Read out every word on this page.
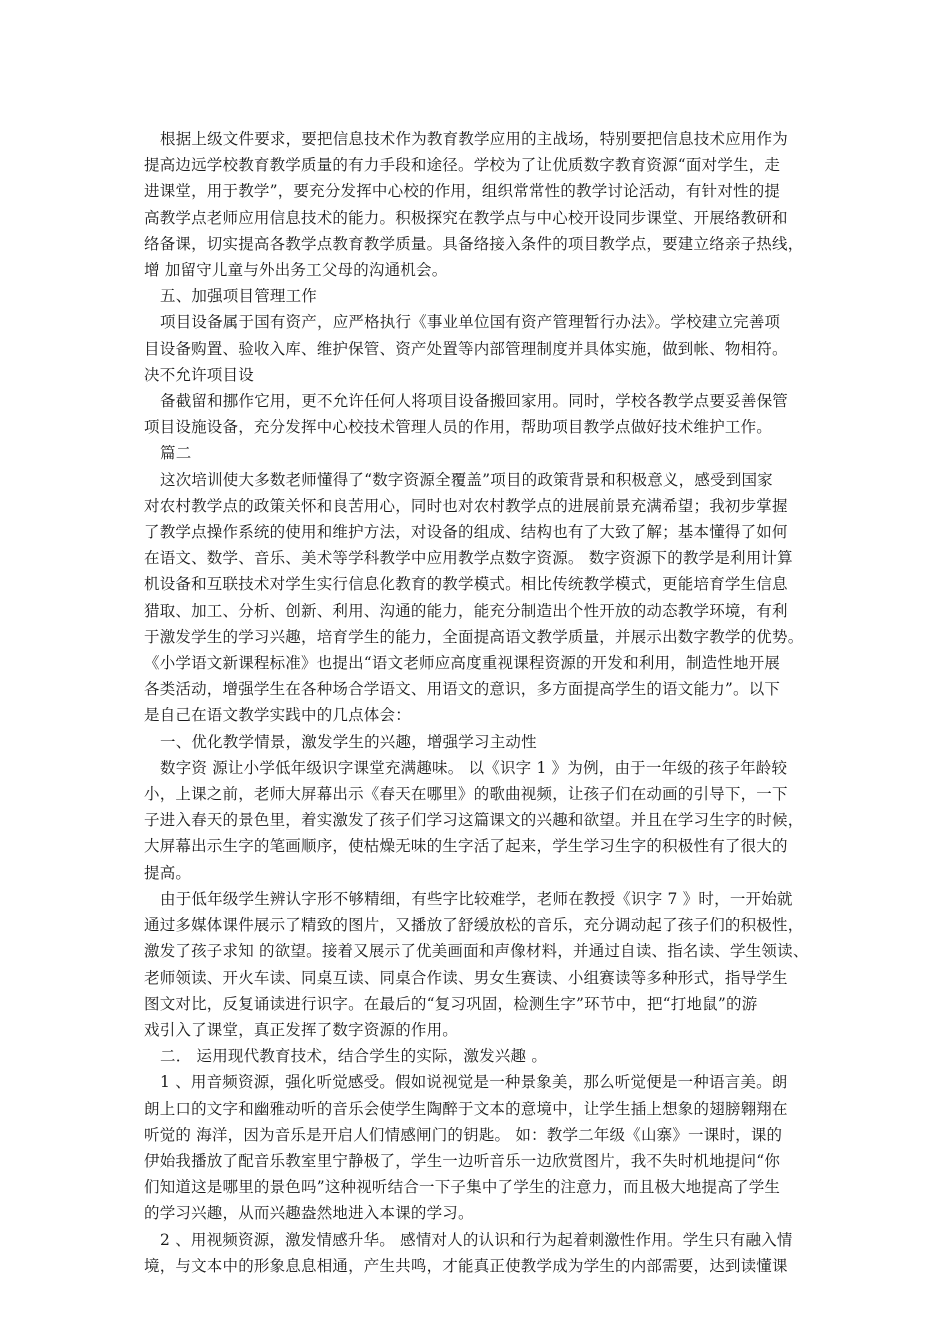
根据上级文件要求，要把信息技术作为教育教学应用的主战场，特别要把信息技术应用作为
提高边远学校教育教学质量的有力手段和途径。学校为了让优质数字教育资源“面对学生，走
进课堂，用于教学”，要充分发挥中心校的作用，组织常常性的教学讨论活动，有针对性的提
高教学点老师应用信息技术的能力。积极探究在教学点与中心校开设同步课堂、开展络教研和
络备课，切实提高各教学点教育教学质量。具备络接入条件的项目教学点，要建立络亲子热线，
增 加留守儿童与外出务工父母的沟通机会。
五、加强项目管理工作
项目设备属于国有资产，应严格执行《事业单位国有资产管理暂行办法》。学校建立完善项
目设备购置、验收入库、维护保管、资产处置等内部管理制度并具体实施，做到帐、物相符。
决不允许项目设
备截留和挪作它用，更不允许任何人将项目设备搬回家用。同时，学校各教学点要妥善保管
项目设施设备，充分发挥中心校技术管理人员的作用，帮助项目教学点做好技术维护工作。
篇二
这次培训使大多数老师懂得了“数字资源全覆盖”项目的政策背景和积极意义，感受到国家
对农村教学点的政策关怀和良苦用心，同时也对农村教学点的进展前景充满希望；我初步掌握
了教学点操作系统的使用和维护方法，对设备的组成、结构也有了大致了解；基本懂得了如何
在语文、数学、音乐、美术等学科教学中应用教学点数字资源。 数字资源下的教学是利用计算
机设备和互联技术对学生实行信息化教育的教学模式。相比传统教学模式，更能培育学生信息
猎取、加工、分析、创新、利用、沟通的能力，能充分制造出个性开放的动态教学环境，有利
于激发学生的学习兴趣，培育学生的能力，全面提高语文教学质量，并展示出数字教学的优势。
《小学语文新课程标准》也提出“语文老师应高度重视课程资源的开发和利用，制造性地开展
各类活动，增强学生在各种场合学语文、用语文的意识，多方面提高学生的语文能力”。以下
是自己在语文教学实践中的几点体会：
一、优化教学情景，激发学生的兴趣，增强学习主动性
数字资 源让小学低年级识字课堂充满趣味。 以《识字 1 》为例，由于一年级的孩子年龄较
小，上课之前，老师大屏幕出示《春天在哪里》的歌曲视频，让孩子们在动画的引导下，一下
子进入春天的景色里，着实激发了孩子们学习这篇课文的兴趣和欲望。并且在学习生字的时候，
大屏幕出示生字的笔画顺序，使枯燥无味的生字活了起来，学生学习生字的积极性有了很大的
提高。
由于低年级学生辨认字形不够精细，有些字比较难学，老师在教授《识字 7 》时，一开始就
通过多媒体课件展示了精致的图片，又播放了舒缓放松的音乐，充分调动起了孩子们的积极性，
激发了孩子求知 的欲望。接着又展示了优美画面和声像材料，并通过自读、指名读、学生领读、
老师领读、开火车读、同桌互读、同桌合作读、男女生赛读、小组赛读等多种形式，指导学生
图文对比，反复诵读进行识字。在最后的“复习巩固，检测生字”环节中，把“打地鼠”的游
戏引入了课堂，真正发挥了数字资源的作用。
二． 运用现代教育技术，结合学生的实际，激发兴趣 。
1 、用音频资源，强化听觉感受。假如说视觉是一种景象美，那么听觉便是一种语言美。朗
朗上口的文字和幽雅动听的音乐会使学生陶醉于文本的意境中，让学生插上想象的翅膀翱翔在
听觉的 海洋，因为音乐是开启人们情感闸门的钥匙。 如：教学二年级《山寨》一课时，课的
伊始我播放了配音乐教室里宁静极了，学生一边听音乐一边欣赏图片，我不失时机地提问“你
们知道这是哪里的景色吗”这种视听结合一下子集中了学生的注意力，而且极大地提高了学生
的学习兴趣，从而兴趣盎然地进入本课的学习。
2 、用视频资源，激发情感升华。 感情对人的认识和行为起着刺激性作用。学生只有融入情
境，与文本中的形象息息相通，产生共鸣，才能真正使教学成为学生的内部需要，达到读懂课
